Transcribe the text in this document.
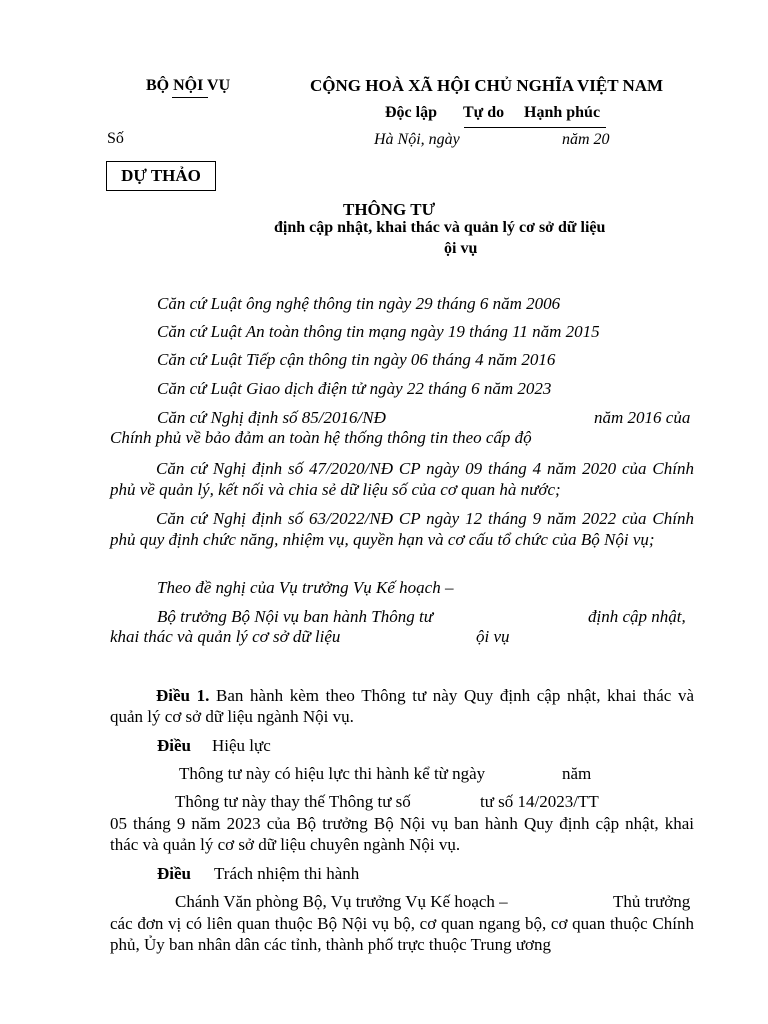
BỘ NỘI VỤ	CỘNG HOÀ XÃ HỘI CHỦ NGHĨA VIỆT NAM
Độc lập Tự do Hạnh phúc
Số	Hà Nội, ngày	năm 20
DỰ THẢO
THÔNG TƯ
định cập nhật, khai thác và quản lý cơ sở dữ liệu
ội vụ
Căn cứ Luật ông nghệ thông tin ngày 29 tháng 6 năm 2006
Căn cứ Luật An toàn thông tin mạng ngày 19 tháng 11 năm 2015
Căn cứ Luật Tiếp cận thông tin ngày 06 tháng 4 năm 2016
Căn cứ Luật Giao dịch điện tử ngày 22 tháng 6 năm 2023
Căn cứ Nghị định số 85/2016/NĐ	năm 2016 của
Chính phủ về bảo đảm an toàn hệ thống thông tin theo cấp độ
Căn cứ Nghị định số 47/2020/NĐ CP ngày 09 tháng 4 năm 2020 của Chính phủ về quản lý, kết nối và chia sẻ dữ liệu số của cơ quan hà nước;
Căn cứ Nghị định số 63/2022/NĐ CP ngày 12 tháng 9 năm 2022 của Chính phủ quy định chức năng, nhiệm vụ, quyền hạn và cơ cấu tổ chức của Bộ Nội vụ;
Theo đề nghị của Vụ trưởng Vụ Kế hoạch –
Bộ trưởng Bộ Nội vụ ban hành Thông tư	định cập nhật,
khai thác và quản lý cơ sở dữ liệu	ội vụ
Điều 1. Ban hành kèm theo Thông tư này Quy định cập nhật, khai thác và quản lý cơ sở dữ liệu ngành Nội vụ.
Điều Hiệu lực
Thông tư này có hiệu lực thi hành kể từ ngày	năm
Thông tư này thay thế Thông tư số	tư số 14/2023/TT
05 tháng 9 năm 2023 của Bộ trưởng Bộ Nội vụ ban hành Quy định cập nhật, khai thác và quản lý cơ sở dữ liệu chuyên ngành Nội vụ.
Điều Trách nhiệm thi hành
Chánh Văn phòng Bộ, Vụ trưởng Vụ Kế hoạch –	Thủ trưởng
các đơn vị có liên quan thuộc Bộ Nội vụ bộ, cơ quan ngang bộ, cơ quan thuộc Chính phủ, Ủy ban nhân dân các tỉnh, thành phố trực thuộc Trung ương
